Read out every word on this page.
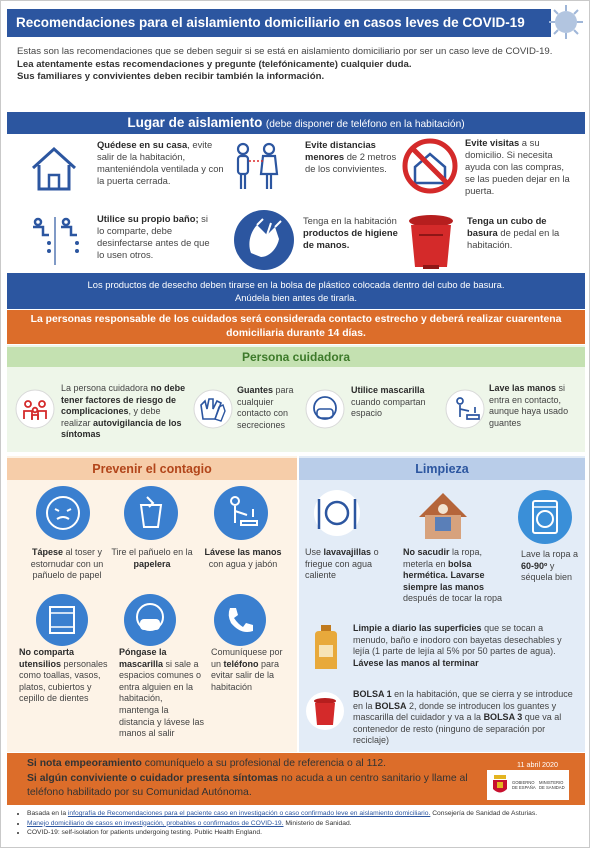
Recomendaciones para el aislamiento domiciliario en casos leves de COVID-19
Estas son las recomendaciones que se deben seguir si se está en aislamiento domiciliario por ser un caso leve de COVID-19.
Lea atentamente estas recomendaciones y pregunte (telefónicamente) cualquier duda.
Sus familiares y convivientes deben recibir también la información.
Lugar de aislamiento (debe disponer de teléfono en la habitación)
Quédese en su casa, evite salir de la habitación, manteniéndola ventilada y con la puerta cerrada.
Evite distancias menores de 2 metros de los convivientes.
Evite visitas a su domicilio. Si necesita ayuda con las compras, se las pueden dejar en la puerta.
Utilice su propio baño; si lo comparte, debe desinfectarse antes de que lo usen otros.
Tenga en la habitación productos de higiene de manos.
Tenga un cubo de basura de pedal en la habitación.
Los productos de desecho deben tirarse en la bolsa de plástico colocada dentro del cubo de basura.
Anúdela bien antes de tirarla.
La personas responsable de los cuidados será considerada contacto estrecho y deberá realizar cuarentena domiciliaria durante 14 días.
Persona cuidadora
La persona cuidadora no debe tener factores de riesgo de complicaciones, y debe realizar autovigilancia de los síntomas
Guantes para cualquier contacto con secreciones
Utilice mascarilla cuando compartan espacio
Lave las manos si entra en contacto, aunque haya usado guantes
Prevenir el contagio	Limpieza
Tápese al toser y estornudar con un pañuelo de papel
Tire el pañuelo en la papelera
Lávese las manos con agua y jabón
No comparta utensilios personales como toallas, vasos, platos, cubiertos y cepillo de dientes
Póngase la mascarilla si sale a espacios comunes o entra alguien en la habitación, mantenga la distancia y lávese las manos al salir
Comuníquese por un teléfono para evitar salir de la habitación
Use lavavajillas o friegue con agua caliente
No sacudir la ropa, meterla en bolsa hermética. Lavarse siempre las manos después de tocar la ropa
Lave la ropa a 60-90º y séquela bien
Limpie a diario las superficies que se tocan a menudo, baño e inodoro con bayetas desechables y lejía (1 parte de lejía al 5% por 50 partes de agua). Lávese las manos al terminar
BOLSA 1 en la habitación, que se cierra y se introduce en la BOLSA 2, donde se introducen los guantes y mascarilla del cuidador y va a la BOLSA 3 que va al contenedor de resto (ninguno de separación por reciclaje)
Si nota empeoramiento comuníquelo a su profesional de referencia o al 112.
Si algún conviviente o cuidador presenta síntomas no acuda a un centro sanitario y llame al teléfono habilitado por su Comunidad Autónoma.
11 abril 2020
GOBIERNO DE ESPAÑA
MINISTERIO DE SANIDAD
• Basada en la infografía de Recomendaciones para el paciente caso en investigación o caso confirmado leve en aislamiento domiciliario. Consejería de Sanidad de Asturias.
• Manejo domiciliario de casos en investigación, probables o confirmados de COVID-19. Ministerio de Sanidad.
• COVID-19: self-isolation for patients undergoing testing. Public Health England.
